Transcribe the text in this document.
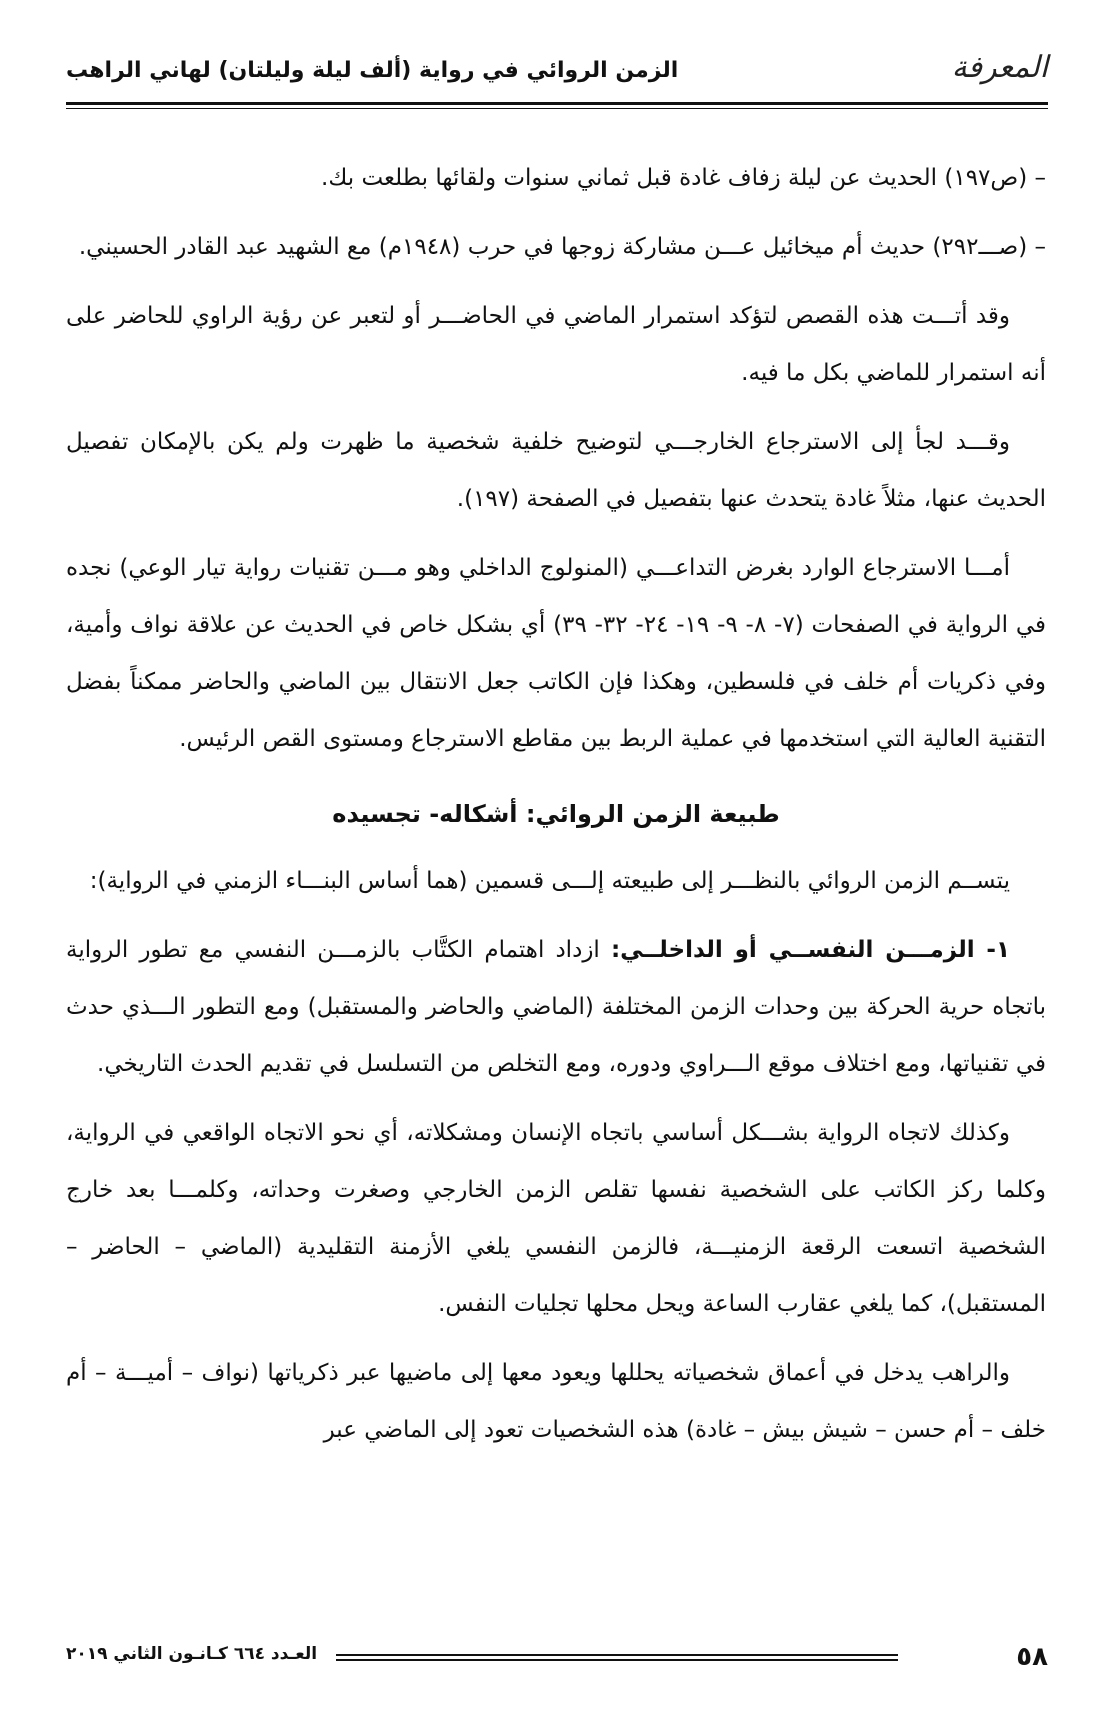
المعرفة
الزمن الروائي في رواية (ألف ليلة وليلتان) لهاني الراهب

– (ص١٩٧) الحديث عن ليلة زفاف غادة قبل ثماني سنوات ولقائها بطلعت بك.

– (صـــ٢٩٢) حديث أم ميخائيل عـــن مشاركة زوجها في حرب (١٩٤٨م) مع الشهيد عبد القادر الحسيني.

وقد أتـــت هذه القصص لتؤكد استمرار الماضي في الحاضـــر أو لتعبر عن رؤية الراوي للحاضر على أنه استمرار للماضي بكل ما فيه.

وقـــد لجأ إلى الاسترجاع الخارجـــي لتوضيح خلفية شخصية ما ظهرت ولم يكن بالإمكان تفصيل الحديث عنها، مثلاً غادة يتحدث عنها بتفصيل في الصفحة (١٩٧).

أمـــا الاسترجاع الوارد بغرض التداعـــي (المنولوج الداخلي وهو مـــن تقنيات رواية تيار الوعي) نجده في الرواية في الصفحات (٧- ٨- ٩- ١٩- ٢٤- ٣٢- ٣٩) أي بشكل خاص في الحديث عن علاقة نواف وأمية، وفي ذكريات أم خلف في فلسطين، وهكذا فإن الكاتب جعل الانتقال بين الماضي والحاضر ممكناً بفضل التقنية العالية التي استخدمها في عملية الربط بين مقاطع الاسترجاع ومستوى القص الرئيس.

طبيعة الزمن الروائي: أشكاله- تجسيده

يتســم الزمن الروائي بالنظـــر إلى طبيعته إلـــى قسمين (هما أساس البنـــاء الزمني في الرواية):

١- الزمـــن النفســي أو الداخلــي: ازداد اهتمام الكتَّاب بالزمـــن النفسي مع تطور الرواية باتجاه حرية الحركة بين وحدات الزمن المختلفة (الماضي والحاضر والمستقبل) ومع التطور الـــذي حدث في تقنياتها، ومع اختلاف موقع الـــراوي ودوره، ومع التخلص من التسلسل في تقديم الحدث التاريخي.

وكذلك لاتجاه الرواية بشـــكل أساسي باتجاه الإنسان ومشكلاته، أي نحو الاتجاه الواقعي في الرواية، وكلما ركز الكاتب على الشخصية نفسها تقلص الزمن الخارجي وصغرت وحداته، وكلمـــا بعد خارج الشخصية اتسعت الرقعة الزمنيـــة، فالزمن النفسي يلغي الأزمنة التقليدية (الماضي – الحاضر – المستقبل)، كما يلغي عقارب الساعة ويحل محلها تجليات النفس.

والراهب يدخل في أعماق شخصياته يحللها ويعود معها إلى ماضيها عبر ذكرياتها (نواف – أميـــة – أم خلف – أم حسن – شيش بيش – غادة) هذه الشخصيات تعود إلى الماضي عبر

٥٨
العـدد ٦٦٤ كـانـون الثاني ٢٠١٩
